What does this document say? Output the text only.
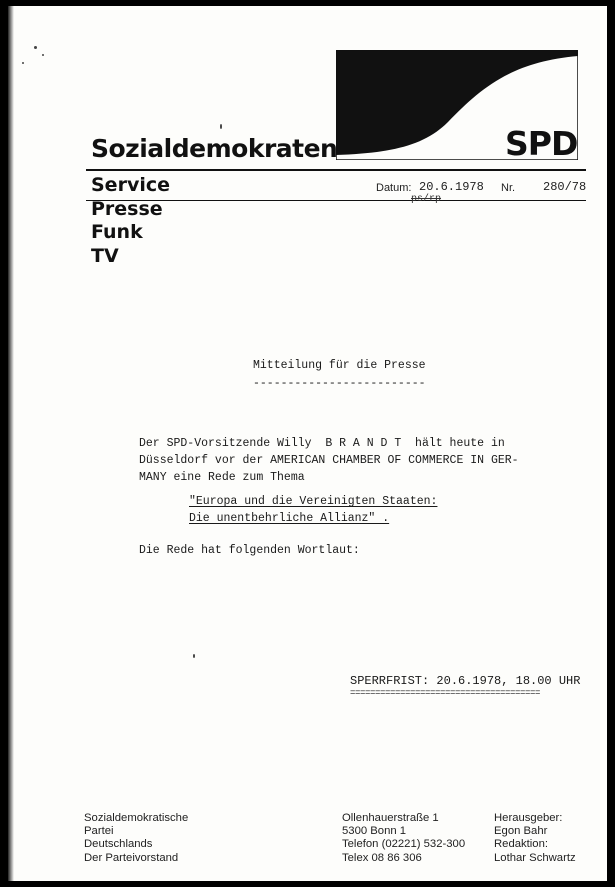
Sozialdemokraten	SPD
Service
Presse
Funk
TV
Datum: 20.6.1978 Nr. 280/78
ps/rp
Mitteilung für die Presse
-------------------------
Der SPD-Vorsitzende Willy  B R A N D T  hält heute in
Düsseldorf vor der AMERICAN CHAMBER OF COMMERCE IN GER-
MANY eine Rede zum Thema
"Europa und die Vereinigten Staaten:
Die unentbehrliche Allianz" .
Die Rede hat folgenden Wortlaut:
SPERRFRIST: 20.6.1978, 18.00 UHR
======================================
Sozialdemokratische
Partei
Deutschlands
Der Parteivorstand
Ollenhauerstraße 1
5300 Bonn 1
Telefon (02221) 532-300
Telex 08 86 306
Herausgeber:
Egon Bahr
Redaktion:
Lothar Schwartz
